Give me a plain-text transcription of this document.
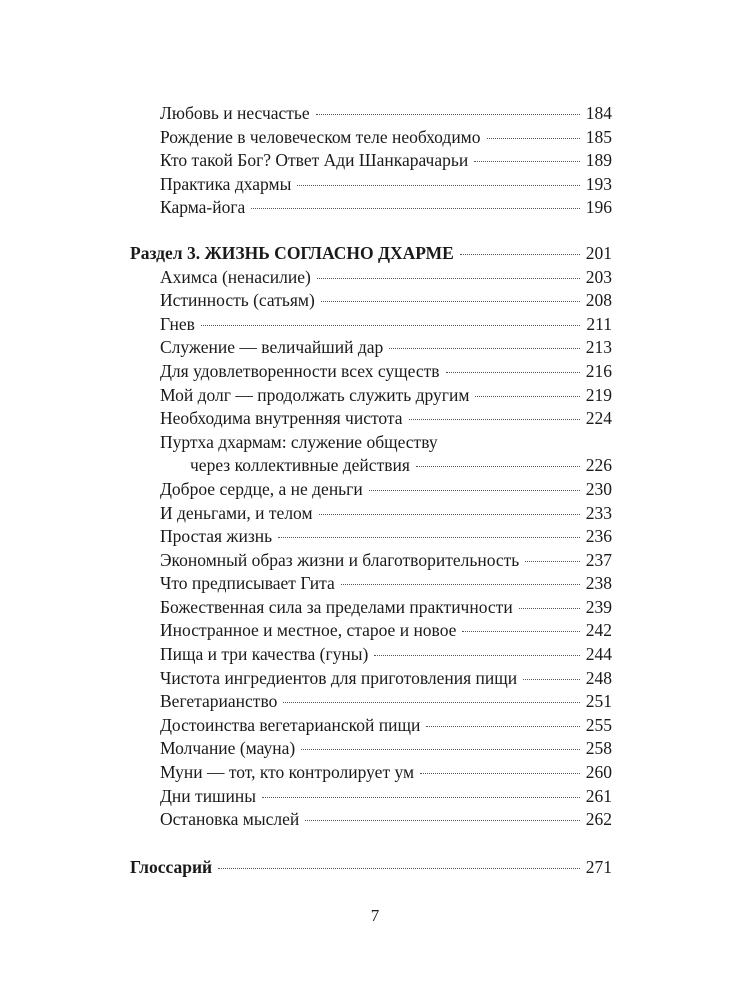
Любовь и несчастье	184
Рождение в человеческом теле необходимо	185
Кто такой Бог? Ответ Ади Шанкарачарьи	189
Практика дхармы	193
Карма-йога	196
Раздел 3. ЖИЗНЬ СОГЛАСНО ДХАРМЕ	201
Ахимса (ненасилие)	203
Истинность (сатьям)	208
Гнев	211
Служение — величайший дар	213
Для удовлетворенности всех существ	216
Мой долг — продолжать служить другим	219
Необходима внутренняя чистота	224
Пуртха дхармам: служение обществу
через коллективные действия	226
Доброе сердце, а не деньги	230
И деньгами, и телом	233
Простая жизнь	236
Экономный образ жизни и благотворительность	237
Что предписывает Гита	238
Божественная сила за пределами практичности	239
Иностранное и местное, старое и новое	242
Пища и три качества (гуны)	244
Чистота ингредиентов для приготовления пищи	248
Вегетарианство	251
Достоинства вегетарианской пищи	255
Молчание (мауна)	258
Муни — тот, кто контролирует ум	260
Дни тишины	261
Остановка мыслей	262
Глоссарий	271
7
